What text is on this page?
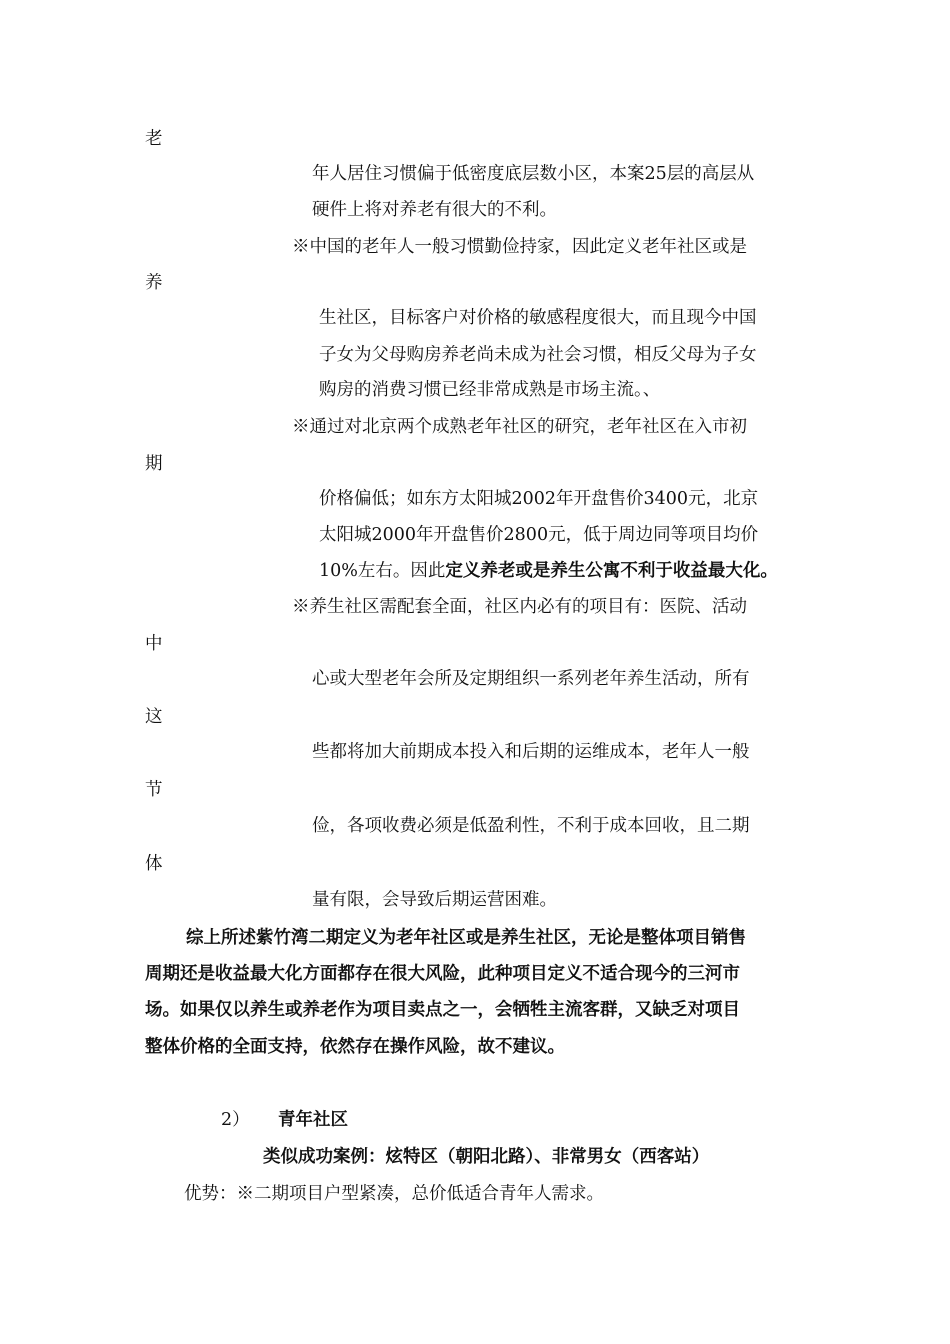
老
年人居住习惯偏于低密度底层数小区，本案25层的高层从
硬件上将对养老有很大的不利。
※中国的老年人一般习惯勤俭持家，因此定义老年社区或是
养
生社区，目标客户对价格的敏感程度很大，而且现今中国
子女为父母购房养老尚未成为社会习惯，相反父母为子女
购房的消费习惯已经非常成熟是市场主流。、
※通过对北京两个成熟老年社区的研究，老年社区在入市初
期
价格偏低；如东方太阳城2002年开盘售价3400元，北京
太阳城2000年开盘售价2800元，低于周边同等项目均价
10%左右。因此定义养老或是养生公寓不利于收益最大化。
※养生社区需配套全面，社区内必有的项目有：医院、活动
中
心或大型老年会所及定期组织一系列老年养生活动，所有
这
些都将加大前期成本投入和后期的运维成本，老年人一般
节
俭，各项收费必须是低盈利性，不利于成本回收，且二期
体
量有限，会导致后期运营困难。
综上所述紫竹湾二期定义为老年社区或是养生社区，无论是整体项目销售
周期还是收益最大化方面都存在很大风险，此种项目定义不适合现今的三河市
场。如果仅以养生或养老作为项目卖点之一，会牺牲主流客群，又缺乏对项目
整体价格的全面支持，依然存在操作风险，故不建议。
2） 青年社区
类似成功案例：炫特区（朝阳北路）、非常男女（西客站）
优势：※二期项目户型紧凑，总价低适合青年人需求。
